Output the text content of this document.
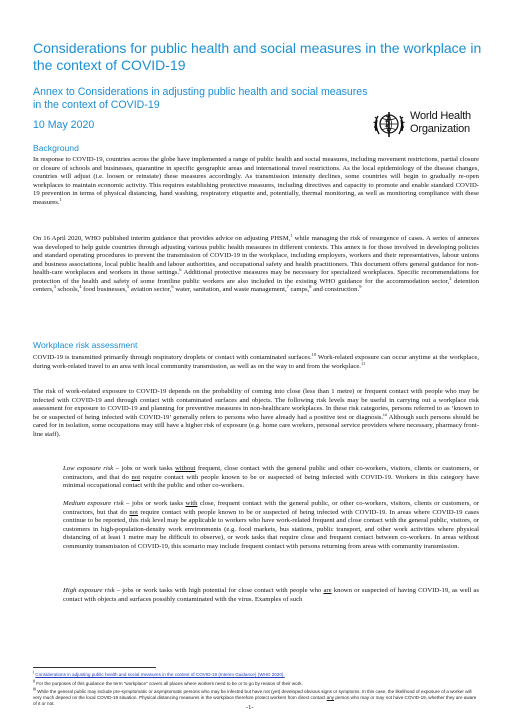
Considerations for public health and social measures in the workplace in the context of COVID-19
Annex to Considerations in adjusting public health and social measures in the context of COVID-19

10 May 2020

World Health
Organization
Background

In response to COVID-19, countries across the globe have implemented a range of public health and social measures, including movement restrictions, partial closure or closure of schools and businesses, quarantine in specific geographic areas and international travel restrictions. As the local epidemiology of the disease changes, countries will adjust (i.e. loosen or reinstate) these measures accordingly. As transmission intensity declines, some countries will begin to gradually re-open workplaces to maintain economic activity. This requires establishing protective measures, including directives and capacity to promote and enable standard COVID-19 prevention in terms of physical distancing, hand washing, respiratory etiquette and, potentially, thermal monitoring, as well as monitoring compliance with these measures.$^1$

On 16 April 2020, WHO published interim guidance that provides advice on adjusting PHSM,$^1$ while managing the risk of resurgence of cases. A series of annexes was developed to help guide countries through adjusting various public health measures in different contexts. This annex is for those involved in developing policies and standard operating procedures to prevent the transmission of COVID-19 in the workplace, including employers, workers and their representatives, labour unions and business associations, local public health and labour authorities, and occupational safety and health practitioners. This document offers general guidance for non-health-care workplaces and workers in those settings.$^{ii}$ Additional protective measures may be necessary for specialized workplaces. Specific recommendations for protection of the health and safety of some frontline public workers are also included in the existing WHO guidance for the accommodation sector,$^2$ detention centers,$^3$ schools,$^4$ food businesses,$^5$ aviation sector,$^6$ water, sanitation, and waste management,$^7$ camps,$^8$ and construction.$^9$

Workplace risk assessment

COVID-19 is transmitted primarily through respiratory droplets or contact with contaminated surfaces.$^{10}$ Work-related exposure can occur anytime at the workplace, during work-related travel to an area with local community transmission, as well as on the way to and from the workplace.$^{11}$

The risk of work-related exposure to COVID-19 depends on the probability of coming into close (less than 1 metre) or frequent contact with people who may be infected with COVID-19 and through contact with contaminated surfaces and objects. The following risk levels may be useful in carrying out a workplace risk assessment for exposure to COVID-19 and planning for preventive measures in non-healthcare workplaces. In these risk categories, persons referred to as ‘known to be or suspected of being infected with COVID-19’ generally refers to persons who have already had a positive test or diagnosis.$^{iii}$ Although such persons should be cared for in isolation, some occupations may still have a higher risk of exposure (e.g. home care workers, personal service providers where necessary, pharmacy front-line staff).

Low exposure risk – jobs or work tasks without frequent, close contact with the general public and other co-workers, visitors, clients or customers, or contractors, and that do not require contact with people known to be or suspected of being infected with COVID-19. Workers in this category have minimal occupational contact with the public and other co-workers.

Medium exposure risk – jobs or work tasks with close, frequent contact with the general public, or other co-workers, visitors, clients or customers, or contractors, but that do not require contact with people known to be or suspected of being infected with COVID-19. In areas where COVID-19 cases continue to be reported, this risk level may be applicable to workers who have work-related frequent and close contact with the general public, visitors, or customers in high-population-density work environments (e.g. food markets, bus stations, public transport, and other work activities where physical distancing of at least 1 metre may be difficult to observe), or work tasks that require close and frequent contact between co-workers. In areas without community transmission of COVID-19, this scenario may include frequent contact with persons returning from areas with community transmission.

High exposure risk – jobs or work tasks with high potential for close contact with people who are known or suspected of having COVID-19, as well as contact with objects and surfaces possibly contaminated with the virus. Examples of such

$^i$ Considerations in adjusting public health and social measures in the context of COVID-19 (Interim Guidance) (WHO 2020).

$^{ii}$ For the purposes of this guidance the term “workplace” covers all places where workers need to be or to go by reason of their work.

$^{iii}$ While the general public may include pre-symptomatic or asymptomatic persons who may be infected but have not (yet) developed obvious signs or symptoms. In this case, the likelihood of exposure of a worker will very much depend on the local COVID-19 situation. Physical distancing measures in the workplace therefore protect workers from direct contact any person who may or may not have COVID-19, whether they are aware of it or not.

-1-
